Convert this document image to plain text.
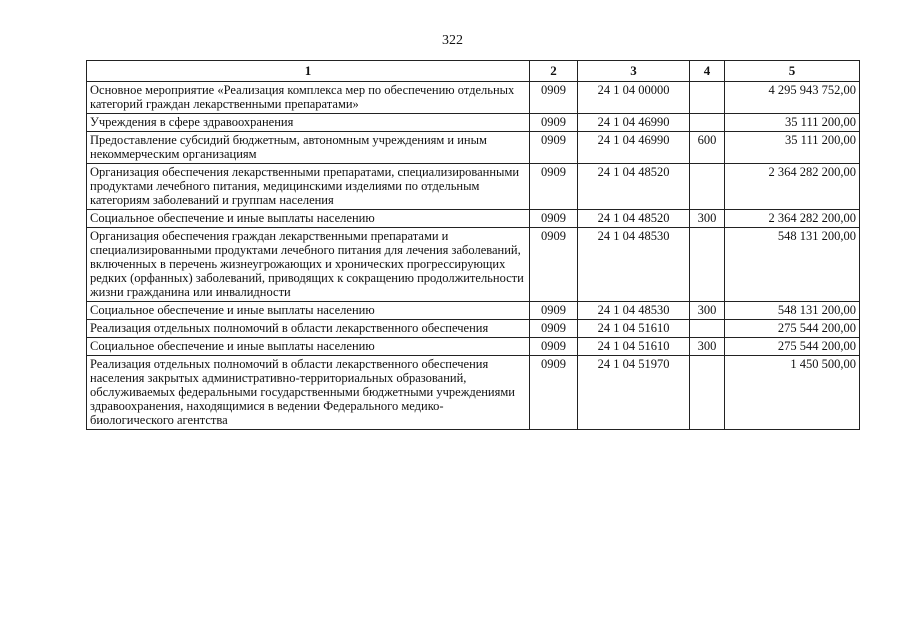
322
1	2	3	4	5
Основное мероприятие «Реализация комплекса мер по обеспечению отдельных категорий граждан лекарственными препаратами»	0909	24 1 04 00000		4 295 943 752,00
Учреждения в сфере здравоохранения	0909	24 1 04 46990		35 111 200,00
Предоставление субсидий бюджетным, автономным учреждениям и иным некоммерческим организациям	0909	24 1 04 46990	600	35 111 200,00
Организация обеспечения лекарственными препаратами, специализированными продуктами лечебного питания, медицинскими изделиями по отдельным категориям заболеваний и группам населения	0909	24 1 04 48520		2 364 282 200,00
Социальное обеспечение и иные выплаты населению	0909	24 1 04 48520	300	2 364 282 200,00
Организация обеспечения граждан лекарственными препаратами и специализированными продуктами лечебного питания для лечения заболеваний, включенных в перечень жизнеугрожающих и хронических прогрессирующих редких (орфанных) заболеваний, приводящих к сокращению продолжительности жизни гражданина или инвалидности	0909	24 1 04 48530		548 131 200,00
Социальное обеспечение и иные выплаты населению	0909	24 1 04 48530	300	548 131 200,00
Реализация отдельных полномочий в области лекарственного обеспечения	0909	24 1 04 51610		275 544 200,00
Социальное обеспечение и иные выплаты населению	0909	24 1 04 51610	300	275 544 200,00
Реализация отдельных полномочий в области лекарственного обеспечения населения закрытых административно-территориальных образований, обслуживаемых федеральными государственными бюджетными учреждениями здравоохранения, находящимися в ведении Федерального медико-биологического агентства	0909	24 1 04 51970		1 450 500,00
